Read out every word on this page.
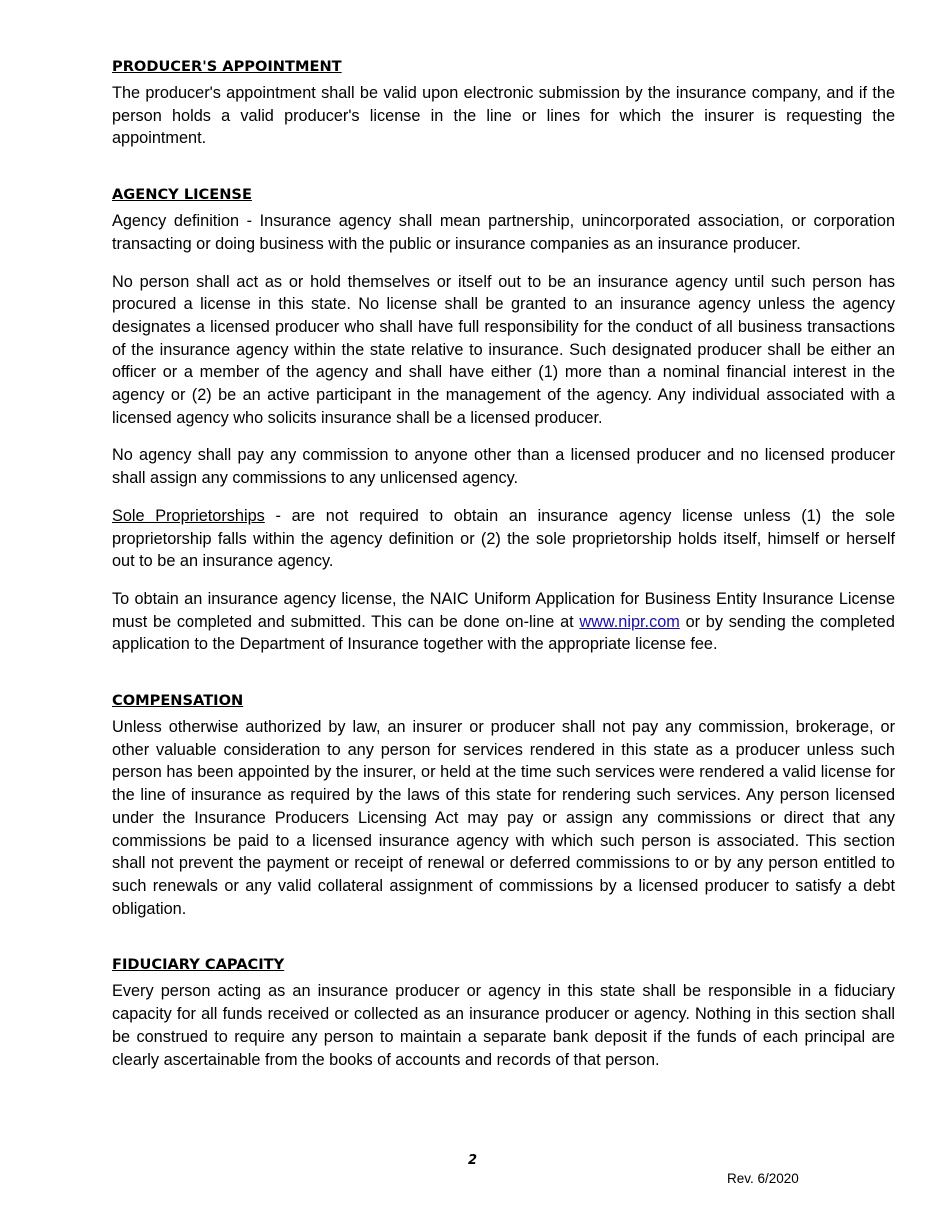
PRODUCER'S APPOINTMENT

The producer's appointment shall be valid upon electronic submission by the insurance company, and if the person holds a valid producer's license in the line or lines for which the insurer is requesting the appointment.

AGENCY LICENSE

Agency definition - Insurance agency shall mean partnership, unincorporated association, or corporation transacting or doing business with the public or insurance companies as an insurance producer.

No person shall act as or hold themselves or itself out to be an insurance agency until such person has procured a license in this state. No license shall be granted to an insurance agency unless the agency designates a licensed producer who shall have full responsibility for the conduct of all business transactions of the insurance agency within the state relative to insurance. Such designated producer shall be either an officer or a member of the agency and shall have either (1) more than a nominal financial interest in the agency or (2) be an active participant in the management of the agency. Any individual associated with a licensed agency who solicits insurance shall be a licensed producer.

No agency shall pay any commission to anyone other than a licensed producer and no licensed producer shall assign any commissions to any unlicensed agency.

Sole Proprietorships - are not required to obtain an insurance agency license unless (1) the sole proprietorship falls within the agency definition or (2) the sole proprietorship holds itself, himself or herself out to be an insurance agency.

To obtain an insurance agency license, the NAIC Uniform Application for Business Entity Insurance License must be completed and submitted. This can be done on-line at www.nipr.com or by sending the completed application to the Department of Insurance together with the appropriate license fee.

COMPENSATION

Unless otherwise authorized by law, an insurer or producer shall not pay any commission, brokerage, or other valuable consideration to any person for services rendered in this state as a producer unless such person has been appointed by the insurer, or held at the time such services were rendered a valid license for the line of insurance as required by the laws of this state for rendering such services. Any person licensed under the Insurance Producers Licensing Act may pay or assign any commissions or direct that any commissions be paid to a licensed insurance agency with which such person is associated. This section shall not prevent the payment or receipt of renewal or deferred commissions to or by any person entitled to such renewals or any valid collateral assignment of commissions by a licensed producer to satisfy a debt obligation.

FIDUCIARY CAPACITY

Every person acting as an insurance producer or agency in this state shall be responsible in a fiduciary capacity for all funds received or collected as an insurance producer or agency. Nothing in this section shall be construed to require any person to maintain a separate bank deposit if the funds of each principal are clearly ascertainable from the books of accounts and records of that person.

2
Rev. 6/2020
